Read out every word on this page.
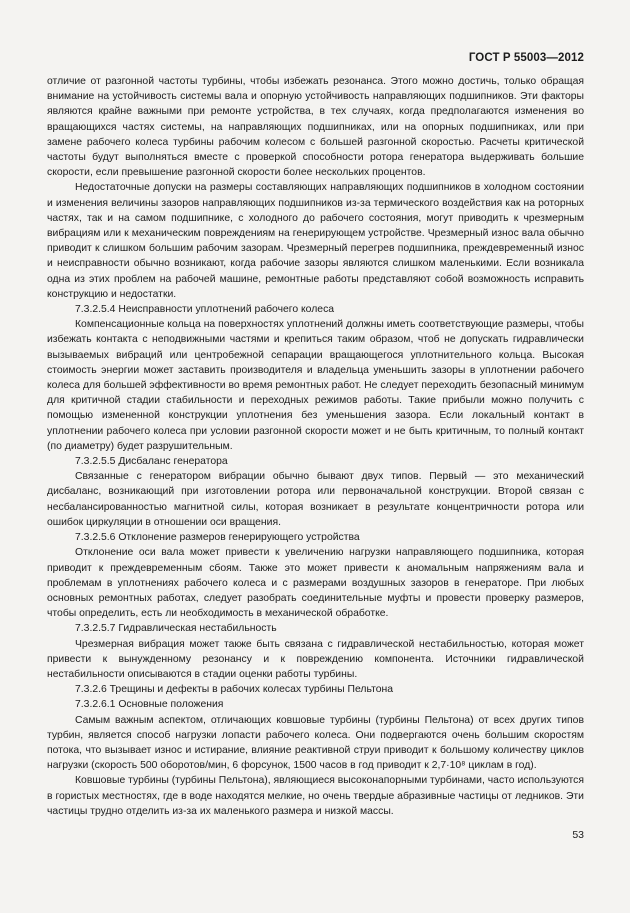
ГОСТ Р 55003—2012

отличие от разгонной частоты турбины, чтобы избежать резонанса. Этого можно достичь, только обращая внимание на устойчивость системы вала и опорную устойчивость направляющих подшипников. Эти факторы являются крайне важными при ремонте устройства, в тех случаях, когда предполагаются изменения во вращающихся частях системы, на направляющих подшипниках, или на опорных подшипниках, или при замене рабочего колеса турбины рабочим колесом с большей разгонной скоростью. Расчеты критической частоты будут выполняться вместе с проверкой способности ротора генератора выдерживать большие скорости, если превышение разгонной скорости более нескольких процентов.

Недостаточные допуски на размеры составляющих направляющих подшипников в холодном состоянии и изменения величины зазоров направляющих подшипников из-за термического воздействия как на роторных частях, так и на самом подшипнике, с холодного до рабочего состояния, могут приводить к чрезмерным вибрациям или к механическим повреждениям на генерирующем устройстве. Чрезмерный износ вала обычно приводит к слишком большим рабочим зазорам. Чрезмерный перегрев подшипника, преждевременный износ и неисправности обычно возникают, когда рабочие зазоры являются слишком маленькими. Если возникала одна из этих проблем на рабочей машине, ремонтные работы представляют собой возможность исправить конструкцию и недостатки.

7.3.2.5.4 Неисправности уплотнений рабочего колеса

Компенсационные кольца на поверхностях уплотнений должны иметь соответствующие размеры, чтобы избежать контакта с неподвижными частями и крепиться таким образом, чтоб не допускать гидравлически вызываемых вибраций или центробежной сепарации вращающегося уплотнительного кольца. Высокая стоимость энергии может заставить производителя и владельца уменьшить зазоры в уплотнении рабочего колеса для большей эффективности во время ремонтных работ. Не следует переходить безопасный минимум для критичной стадии стабильности и переходных режимов работы. Такие прибыли можно получить с помощью измененной конструкции уплотнения без уменьшения зазора. Если локальный контакт в уплотнении рабочего колеса при условии разгонной скорости может и не быть критичным, то полный контакт (по диаметру) будет разрушительным.

7.3.2.5.5 Дисбаланс генератора

Связанные с генератором вибрации обычно бывают двух типов. Первый — это механический дисбаланс, возникающий при изготовлении ротора или первоначальной конструкции. Второй связан с несбалансированностью магнитной силы, которая возникает в результате концентричности ротора или ошибок циркуляции в отношении оси вращения.

7.3.2.5.6 Отклонение размеров генерирующего устройства

Отклонение оси вала может привести к увеличению нагрузки направляющего подшипника, которая приводит к преждевременным сбоям. Также это может привести к аномальным напряжениям вала и проблемам в уплотнениях рабочего колеса и с размерами воздушных зазоров в генераторе. При любых основных ремонтных работах, следует разобрать соединительные муфты и провести проверку размеров, чтобы определить, есть ли необходимость в механической обработке.

7.3.2.5.7 Гидравлическая нестабильность

Чрезмерная вибрация может также быть связана с гидравлической нестабильностью, которая может привести к вынужденному резонансу и к повреждению компонента. Источники гидравлической нестабильности описываются в стадии оценки работы турбины.

7.3.2.6 Трещины и дефекты в рабочих колесах турбины Пельтона

7.3.2.6.1 Основные положения

Самым важным аспектом, отличающих ковшовые турбины (турбины Пельтона) от всех других типов турбин, является способ нагрузки лопасти рабочего колеса. Они подвергаются очень большим скоростям потока, что вызывает износ и истирание, влияние реактивной струи приводит к большому количеству циклов нагрузки (скорость 500 оборотов/мин, 6 форсунок, 1500 часов в год приводит к 2,7·10⁸ циклам в год).

Ковшовые турбины (турбины Пельтона), являющиеся высоконапорными турбинами, часто используются в гористых местностях, где в воде находятся мелкие, но очень твердые абразивные частицы от ледников. Эти частицы трудно отделить из-за их маленького размера и низкой массы.

53
